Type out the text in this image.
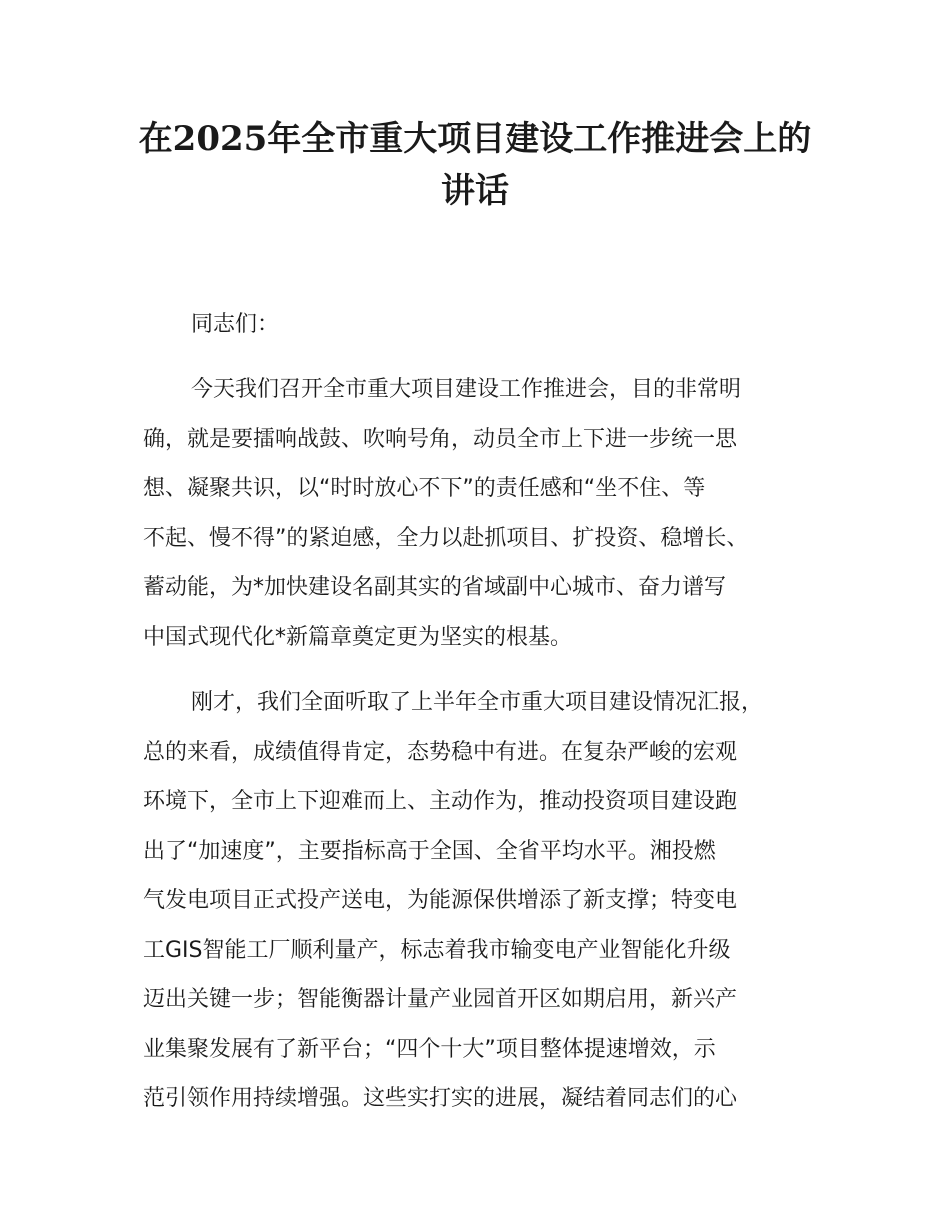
在2025年全市重大项目建设工作推进会上的
讲话

同志们：

今天我们召开全市重大项目建设工作推进会，目的非常明
确，就是要擂响战鼓、吹响号角，动员全市上下进一步统一思
想、凝聚共识，以“时时放心不下”的责任感和“坐不住、等
不起、慢不得”的紧迫感，全力以赴抓项目、扩投资、稳增长、
蓄动能，为*加快建设名副其实的省域副中心城市、奋力谱写
中国式现代化*新篇章奠定更为坚实的根基。
刚才，我们全面听取了上半年全市重大项目建设情况汇报，
总的来看，成绩值得肯定，态势稳中有进。在复杂严峻的宏观
环境下，全市上下迎难而上、主动作为，推动投资项目建设跑
出了“加速度”，主要指标高于全国、全省平均水平。湘投燃
气发电项目正式投产送电，为能源保供增添了新支撑；特变电
工GIS智能工厂顺利量产，标志着我市输变电产业智能化升级
迈出关键一步；智能衡器计量产业园首开区如期启用，新兴产
业集聚发展有了新平台；“四个十大”项目整体提速增效，示
范引领作用持续增强。这些实打实的进展，凝结着同志们的心
